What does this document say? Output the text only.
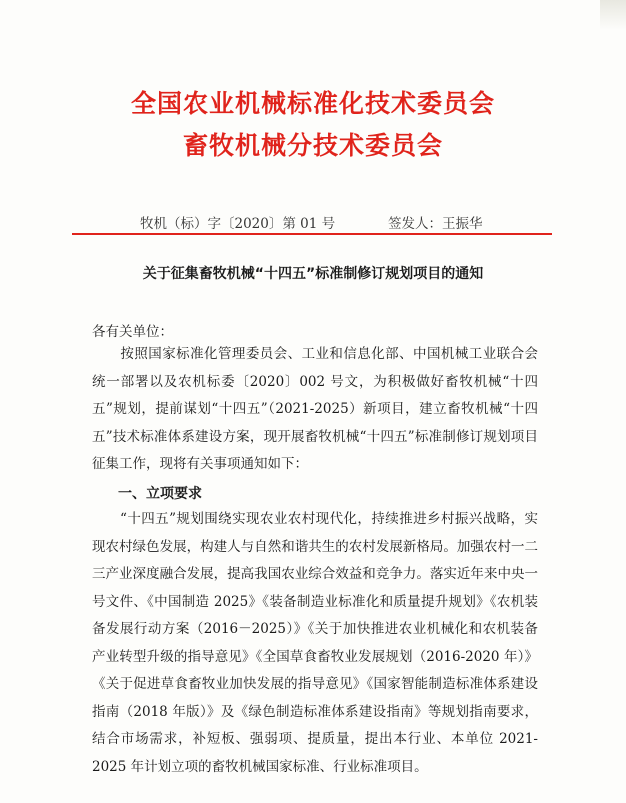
全国农业机械标准化技术委员会
畜牧机械分技术委员会
牧机（标）字〔2020〕第 01 号	签发人：王振华
关于征集畜牧机械“十四五”标准制修订规划项目的通知
各有关单位：
按照国家标准化管理委员会、工业和信息化部、中国机械工业联合会统一部署以及农机标委〔2020〕002 号文，为积极做好畜牧机械“十四五”规划，提前谋划“十四五”（2021-2025）新项目，建立畜牧机械“十四五”技术标准体系建设方案，现开展畜牧机械“十四五”标准制修订规划项目征集工作，现将有关事项通知如下：
一、立项要求
“十四五”规划围绕实现农业农村现代化，持续推进乡村振兴战略，实现农村绿色发展，构建人与自然和谐共生的农村发展新格局。加强农村一二三产业深度融合发展，提高我国农业综合效益和竞争力。落实近年来中央一号文件、《中国制造 2025》《装备制造业标准化和质量提升规划》《农机装备发展行动方案（2016－2025）》《关于加快推进农业机械化和农机装备产业转型升级的指导意见》《全国草食畜牧业发展规划（2016-2020 年）》《关于促进草食畜牧业加快发展的指导意见》《国家智能制造标准体系建设指南（2018 年版）》及《绿色制造标准体系建设指南》等规划指南要求，结合市场需求，补短板、强弱项、提质量，提出本行业、本单位 2021-2025 年计划立项的畜牧机械国家标准、行业标准项目。
